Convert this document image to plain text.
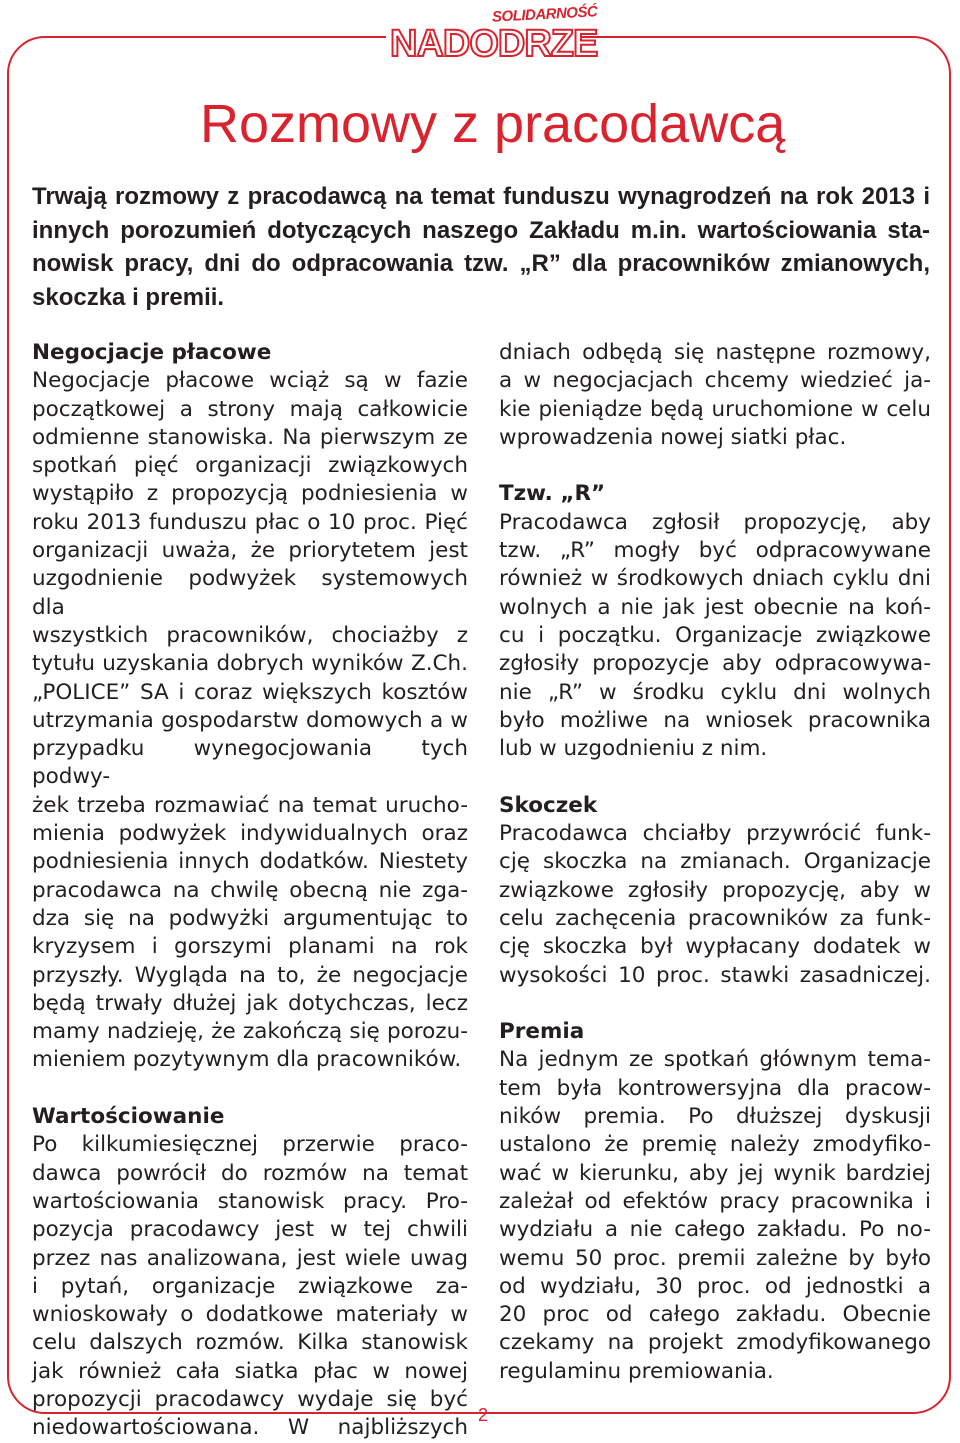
SOLIDARNOŚĆ
NADODRZE
Rozmowy z pracodawcą
Trwają rozmowy z pracodawcą na temat funduszu wynagrodzeń na rok 2013 i
innych porozumień dotyczących naszego Zakładu m.in. wartościowania sta-
nowisk pracy, dni do odpracowania tzw. „R” dla pracowników zmianowych,
skoczka i premii.
Negocjacje płacowe
Negocjacje płacowe wciąż są w fazie
początkowej a strony mają całkowicie
odmienne stanowiska. Na pierwszym ze
spotkań pięć organizacji związkowych
wystąpiło z propozycją podniesienia w
roku 2013 funduszu płac o 10 proc. Pięć
organizacji uważa, że priorytetem jest
uzgodnienie podwyżek systemowych dla
wszystkich pracowników, chociażby z
tytułu uzyskania dobrych wyników Z.Ch.
„POLICE” SA i coraz większych kosztów
utrzymania gospodarstw domowych a w
przypadku wynegocjowania tych podwy-
żek trzeba rozmawiać na temat urucho-
mienia podwyżek indywidualnych oraz
podniesienia innych dodatków. Niestety
pracodawca na chwilę obecną nie zga-
dza się na podwyżki argumentując to
kryzysem i gorszymi planami na rok
przyszły. Wygląda na to, że negocjacje
będą trwały dłużej jak dotychczas, lecz
mamy nadzieję, że zakończą się porozu-
mieniem pozytywnym dla pracowników.
Wartościowanie
Po kilkumiesięcznej przerwie praco-
dawca powrócił do rozmów na temat
wartościowania stanowisk pracy. Pro-
pozycja pracodawcy jest w tej chwili
przez nas analizowana, jest wiele uwag
i pytań, organizacje związkowe za-
wnioskowały o dodatkowe materiały w
celu dalszych rozmów. Kilka stanowisk
jak również cała siatka płac w nowej
propozycji pracodawcy wydaje się być
niedowartościowana. W najbliższych
dniach odbędą się następne rozmowy,
a w negocjacjach chcemy wiedzieć ja-
kie pieniądze będą uruchomione w celu
wprowadzenia nowej siatki płac.
Tzw. „R”
Pracodawca zgłosił propozycję, aby
tzw. „R” mogły być odpracowywane
również w środkowych dniach cyklu dni
wolnych a nie jak jest obecnie na koń-
cu i początku. Organizacje związkowe
zgłosiły propozycje aby odpracowywa-
nie „R” w środku cyklu dni wolnych
było możliwe na wniosek pracownika
lub w uzgodnieniu z nim.
Skoczek
Pracodawca chciałby przywrócić funk-
cję skoczka na zmianach. Organizacje
związkowe zgłosiły propozycję, aby w
celu zachęcenia pracowników za funk-
cję skoczka był wypłacany dodatek w
wysokości 10 proc. stawki zasadniczej.
Premia
Na jednym ze spotkań głównym tema-
tem była kontrowersyjna dla pracow-
ników premia. Po dłuższej dyskusji
ustalono że premię należy zmodyfiko-
wać w kierunku, aby jej wynik bardziej
zależał od efektów pracy pracownika i
wydziału a nie całego zakładu. Po no-
wemu 50 proc. premii zależne by było
od wydziału, 30 proc. od jednostki a
20 proc od całego zakładu. Obecnie
czekamy na projekt zmodyfikowanego
regulaminu premiowania.
2
